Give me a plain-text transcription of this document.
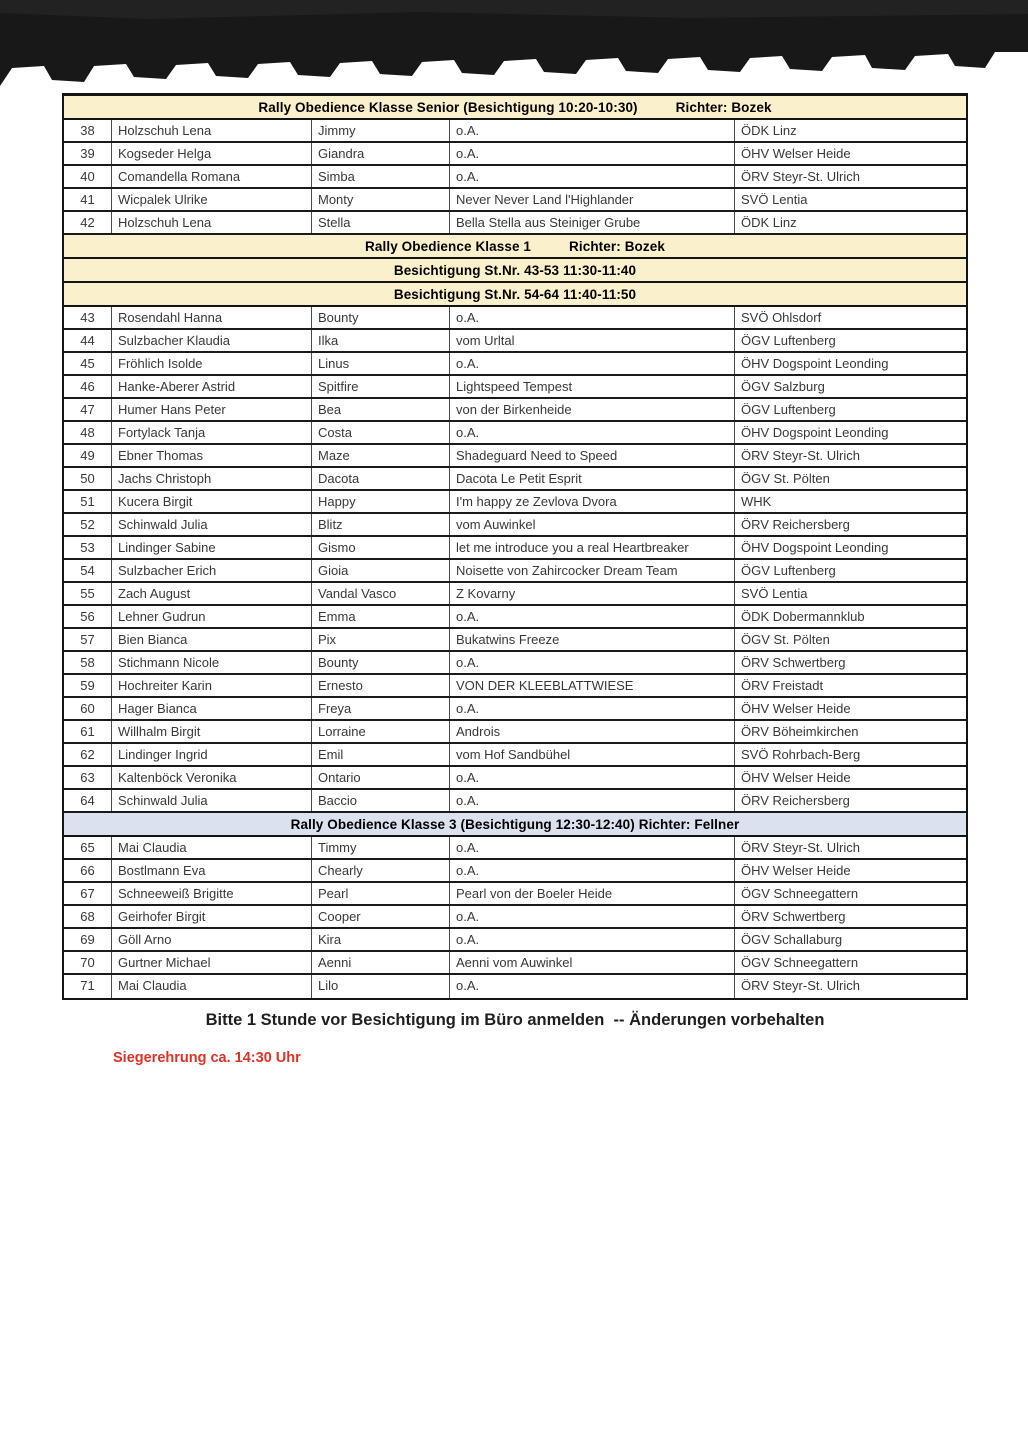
Rally Obedience Klasse Senior (Besichtigung 10:20-10:30)	Richter: Bozek
38	Holzschuh Lena	Jimmy	o.A.	ÖDK Linz
39	Kogseder Helga	Giandra	o.A.	ÖHV Welser Heide
40	Comandella Romana	Simba	o.A.	ÖRV Steyr-St. Ulrich
41	Wicpalek Ulrike	Monty	Never Never Land l'Highlander	SVÖ Lentia
42	Holzschuh Lena	Stella	Bella Stella aus Steiniger Grube	ÖDK Linz
Rally Obedience Klasse 1	Richter: Bozek
Besichtigung St.Nr. 43-53 11:30-11:40
Besichtigung St.Nr. 54-64 11:40-11:50
43	Rosendahl Hanna	Bounty	o.A.	SVÖ Ohlsdorf
44	Sulzbacher Klaudia	Ilka	vom Urltal	ÖGV Luftenberg
45	Fröhlich Isolde	Linus	o.A.	ÖHV Dogspoint Leonding
46	Hanke-Aberer Astrid	Spitfire	Lightspeed Tempest	ÖGV Salzburg
47	Humer Hans Peter	Bea	von der Birkenheide	ÖGV Luftenberg
48	Fortylack Tanja	Costa	o.A.	ÖHV Dogspoint Leonding
49	Ebner Thomas	Maze	Shadeguard Need to Speed	ÖRV Steyr-St. Ulrich
50	Jachs Christoph	Dacota	Dacota Le Petit Esprit	ÖGV St. Pölten
51	Kucera Birgit	Happy	I'm happy ze Zevlova Dvora	WHK
52	Schinwald Julia	Blitz	vom Auwinkel	ÖRV Reichersberg
53	Lindinger Sabine	Gismo	let me introduce you a real Heartbreaker	ÖHV Dogspoint Leonding
54	Sulzbacher Erich	Gioia	Noisette von Zahircocker Dream Team	ÖGV Luftenberg
55	Zach August	Vandal Vasco	Z Kovarny	SVÖ Lentia
56	Lehner Gudrun	Emma	o.A.	ÖDK Dobermannklub
57	Bien Bianca	Pix	Bukatwins Freeze	ÖGV St. Pölten
58	Stichmann Nicole	Bounty	o.A.	ÖRV Schwertberg
59	Hochreiter Karin	Ernesto	VON DER KLEEBLATTWIESE	ÖRV Freistadt
60	Hager Bianca	Freya	o.A.	ÖHV Welser Heide
61	Willhalm Birgit	Lorraine	Androis	ÖRV Böheimkirchen
62	Lindinger Ingrid	Emil	vom Hof Sandbühel	SVÖ Rohrbach-Berg
63	Kaltenböck Veronika	Ontario	o.A.	ÖHV Welser Heide
64	Schinwald Julia	Baccio	o.A.	ÖRV Reichersberg
Rally Obedience Klasse 3 (Besichtigung 12:30-12:40) Richter: Fellner
65	Mai Claudia	Timmy	o.A.	ÖRV Steyr-St. Ulrich
66	Bostlmann Eva	Chearly	o.A.	ÖHV Welser Heide
67	Schneeweiß Brigitte	Pearl	Pearl von der Boeler Heide	ÖGV Schneegattern
68	Geirhofer Birgit	Cooper	o.A.	ÖRV Schwertberg
69	Göll Arno	Kira	o.A.	ÖGV Schallaburg
70	Gurtner Michael	Aenni	Aenni vom Auwinkel	ÖGV Schneegattern
71	Mai Claudia	Lilo	o.A.	ÖRV Steyr-St. Ulrich
Bitte 1 Stunde vor Besichtigung im Büro anmelden  -- Änderungen vorbehalten
Siegerehrung ca. 14:30 Uhr
